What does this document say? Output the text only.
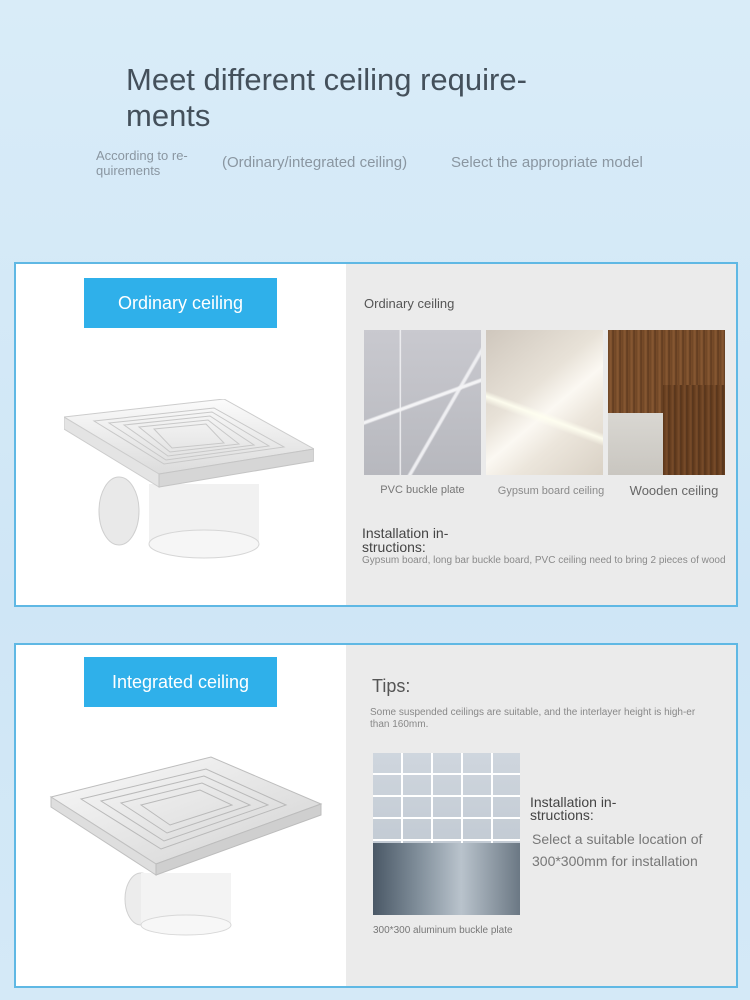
Meet different ceiling require-
ments
According to re-
quirements	(Ordinary/integrated ceiling)	Select the appropriate model
Ordinary ceiling	Ordinary ceiling
PVC buckle plate	Gypsum board ceiling	Wooden ceiling
Installation in-
structions:
Gypsum board, long bar buckle board, PVC ceiling need to bring 2 pieces of wood
Integrated ceiling	Tips:
Some suspended ceilings are suitable, and the interlayer height is high-er than 160mm.
300*300 aluminum buckle plate
Installation in-
structions:
Select a suitable location of 300*300mm for installation
